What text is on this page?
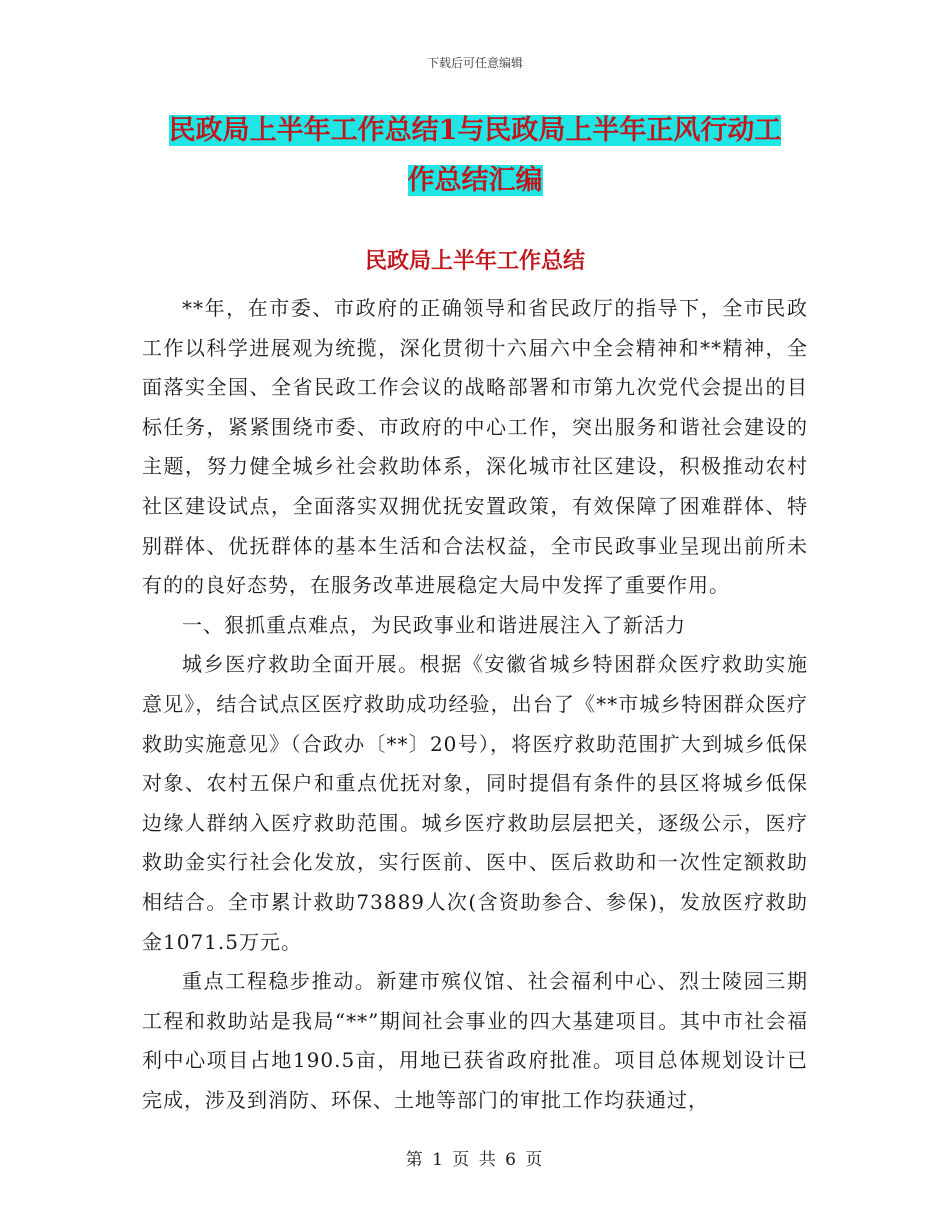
下载后可任意编辑
民政局上半年工作总结1与民政局上半年正风行动工
作总结汇编
民政局上半年工作总结

**年，在市委、市政府的正确领导和省民政厅的指导下，全市民政工作以科学进展观为统揽，深化贯彻十六届六中全会精神和**精神，全面落实全国、全省民政工作会议的战略部署和市第九次党代会提出的目标任务，紧紧围绕市委、市政府的中心工作，突出服务和谐社会建设的主题，努力健全城乡社会救助体系，深化城市社区建设，积极推动农村社区建设试点，全面落实双拥优抚安置政策，有效保障了困难群体、特别群体、优抚群体的基本生活和合法权益，全市民政事业呈现出前所未有的的良好态势，在服务改革进展稳定大局中发挥了重要作用。

一、狠抓重点难点，为民政事业和谐进展注入了新活力

城乡医疗救助全面开展。根据《安徽省城乡特困群众医疗救助实施意见》，结合试点区医疗救助成功经验，出台了《**市城乡特困群众医疗救助实施意见》（合政办〔**〕20号），将医疗救助范围扩大到城乡低保对象、农村五保户和重点优抚对象，同时提倡有条件的县区将城乡低保边缘人群纳入医疗救助范围。城乡医疗救助层层把关，逐级公示，医疗救助金实行社会化发放，实行医前、医中、医后救助和一次性定额救助相结合。全市累计救助73889人次(含资助参合、参保)，发放医疗救助金1071.5万元。

重点工程稳步推动。新建市殡仪馆、社会福利中心、烈士陵园三期工程和救助站是我局“**”期间社会事业的四大基建项目。其中市社会福利中心项目占地190.5亩，用地已获省政府批准。项目总体规划设计已完成，涉及到消防、环保、土地等部门的审批工作均获通过，

第 1 页 共 6 页
